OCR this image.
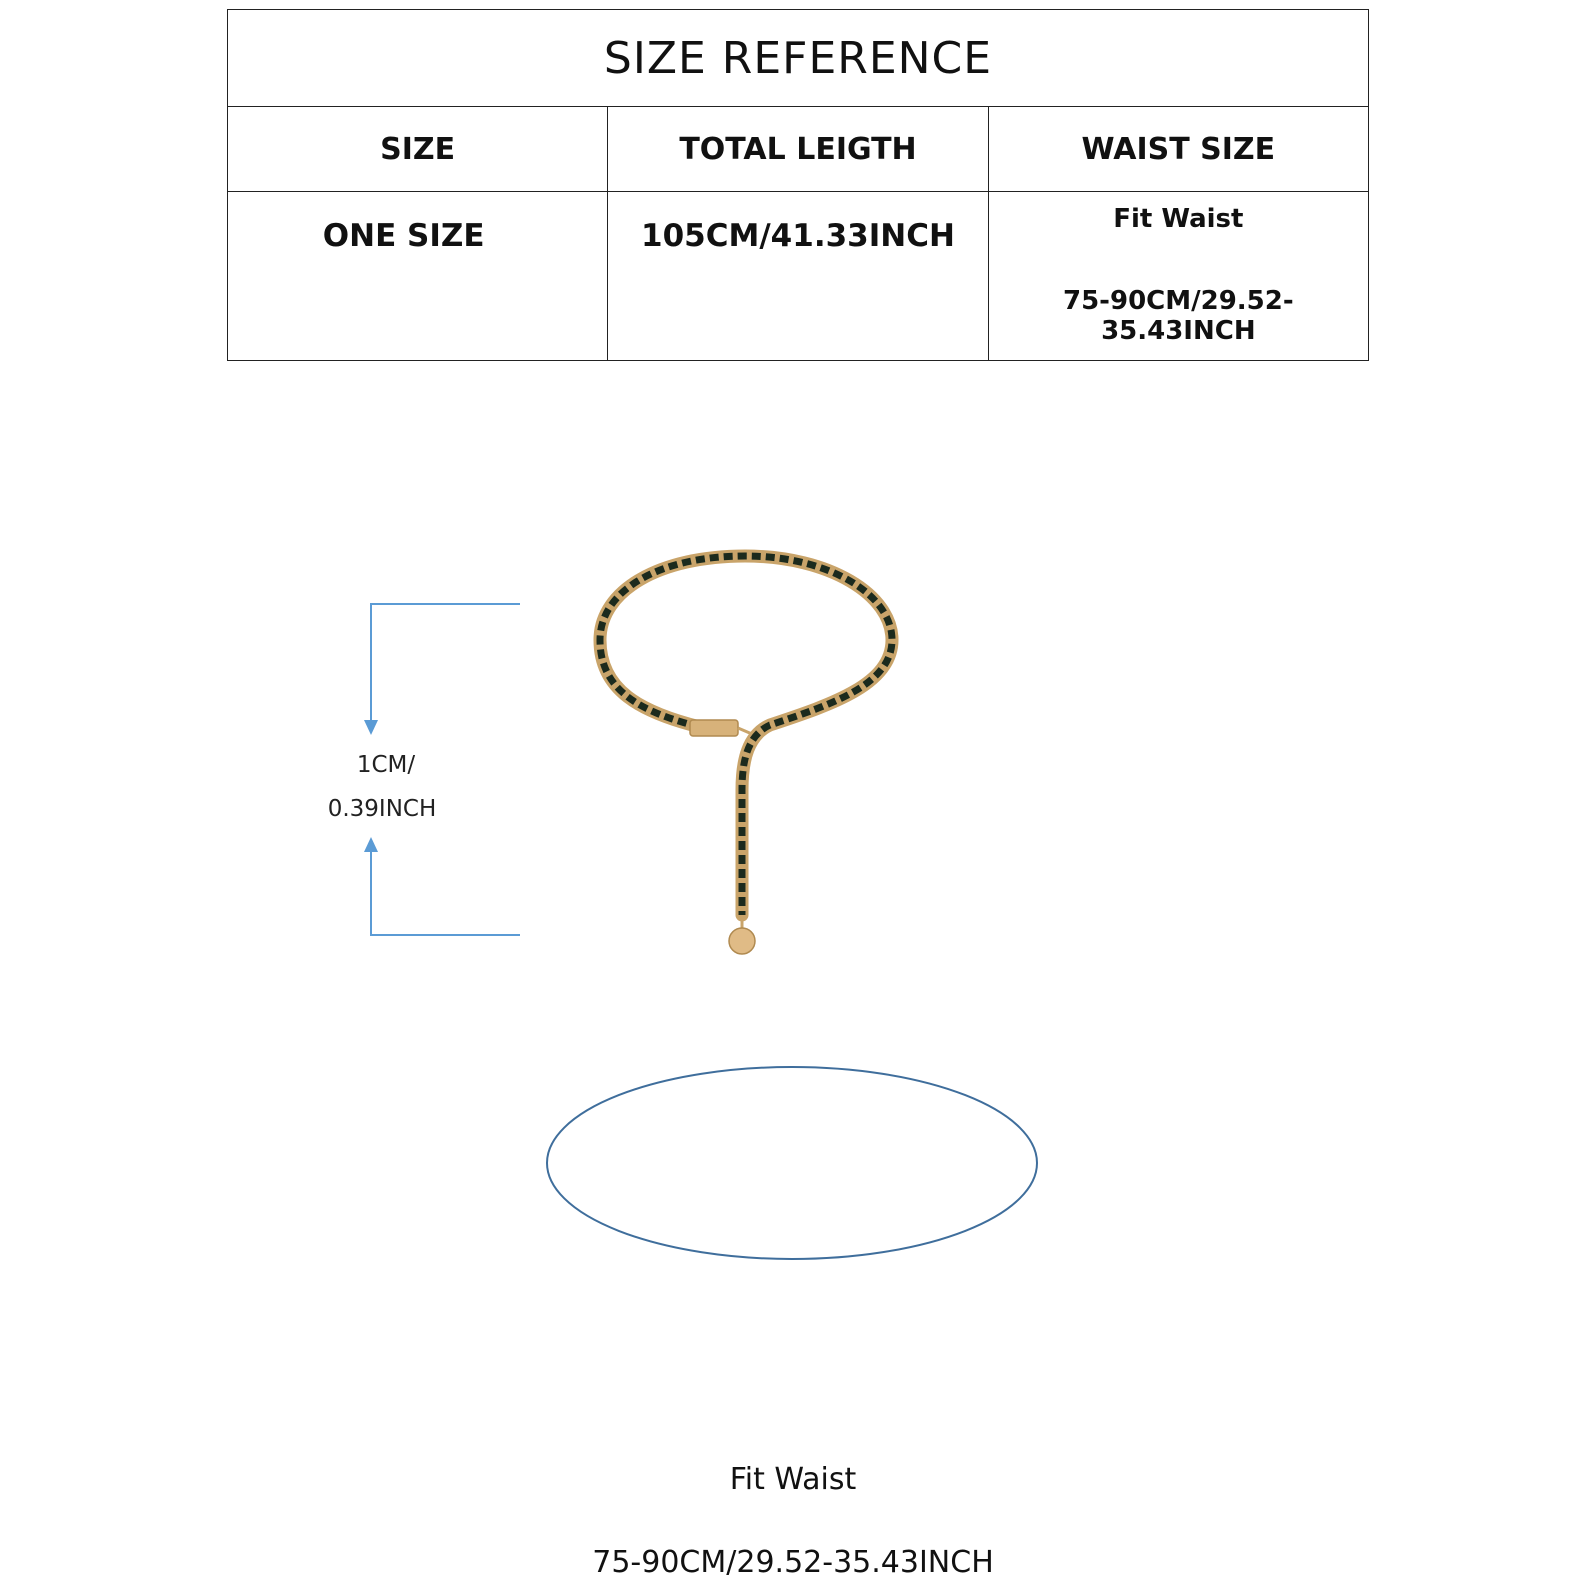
SIZE REFERENCE		
SIZE	TOTAL LEIGTH	WAIST SIZE

ONE SIZE	105CM/41.33INCH	Fit Waist
75-90CM/29.52-35.43INCH
1CM/
0.39INCH
Fit Waist
75-90CM/29.52-35.43INCH
